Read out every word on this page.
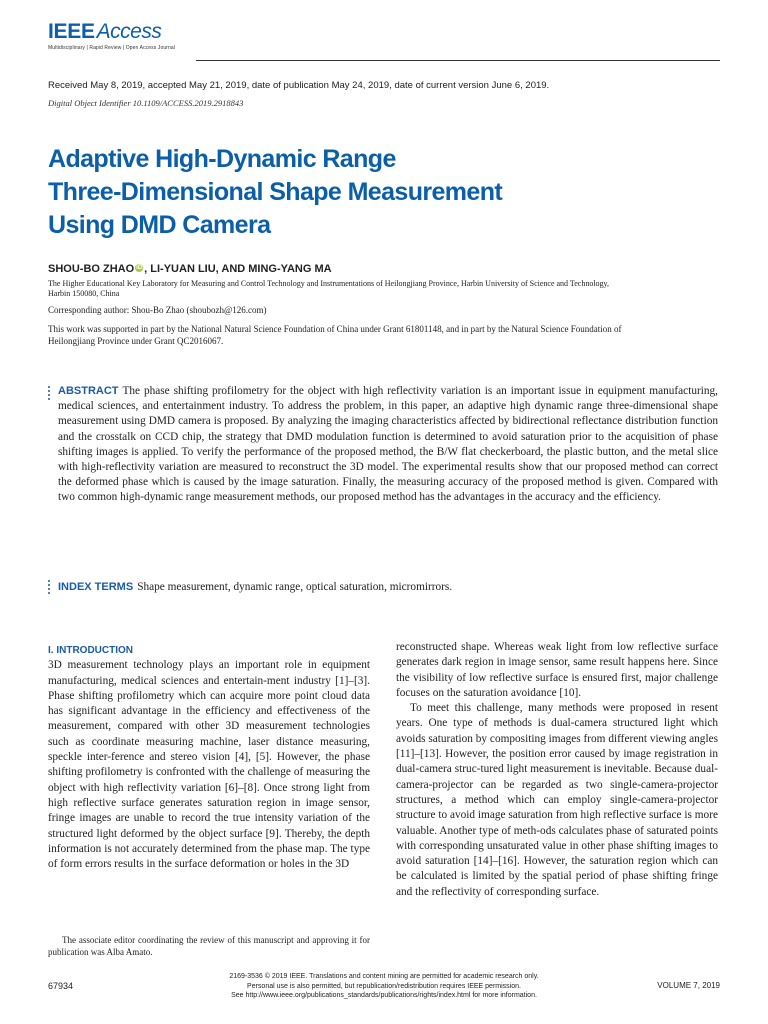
IEEEAccess
Multidisciplinary | Rapid Review | Open Access Journal
Received May 8, 2019, accepted May 21, 2019, date of publication May 24, 2019, date of current version June 6, 2019.
Digital Object Identifier 10.1109/ACCESS.2019.2918843
Adaptive High-Dynamic Range
Three-Dimensional Shape Measurement
Using DMD Camera
SHOU-BO ZHAO iD , LI-YUAN LIU, AND MING-YANG MA
The Higher Educational Key Laboratory for Measuring and Control Technology and Instrumentations of Heilongjiang Province, Harbin University of Science and Technology, Harbin 150080, China
Corresponding author: Shou-Bo Zhao (shoubozh@126.com)
This work was supported in part by the National Natural Science Foundation of China under Grant 61801148, and in part by the Natural Science Foundation of Heilongjiang Province under Grant QC2016067.
ABSTRACT The phase shifting profilometry for the object with high reflectivity variation is an important issue in equipment manufacturing, medical sciences, and entertainment industry. To address the problem, in this paper, an adaptive high dynamic range three-dimensional shape measurement using DMD camera is proposed. By analyzing the imaging characteristics affected by bidirectional reflectance distribution function and the crosstalk on CCD chip, the strategy that DMD modulation function is determined to avoid saturation prior to the acquisition of phase shifting images is applied. To verify the performance of the proposed method, the B/W flat checkerboard, the plastic button, and the metal slice with high-reflectivity variation are measured to reconstruct the 3D model. The experimental results show that our proposed method can correct the deformed phase which is caused by the image saturation. Finally, the measuring accuracy of the proposed method is given. Compared with two common high-dynamic range measurement methods, our proposed method has the advantages in the accuracy and the efficiency.
INDEX TERMS Shape measurement, dynamic range, optical saturation, micromirrors.
I. INTRODUCTION

3D measurement technology plays an important role in equipment manufacturing, medical sciences and entertain-ment industry [1]–[3]. Phase shifting profilometry which can acquire more point cloud data has significant advantage in the efficiency and effectiveness of the measurement, compared with other 3D measurement technologies such as coordinate measuring machine, laser distance measuring, speckle inter-ference and stereo vision [4], [5]. However, the phase shifting profilometry is confronted with the challenge of measuring the object with high reflectivity variation [6]–[8]. Once strong light from high reflective surface generates saturation region in image sensor, fringe images are unable to record the true intensity variation of the structured light deformed by the object surface [9]. Thereby, the depth information is not accurately determined from the phase map. The type of form errors results in the surface deformation or holes in the 3D

reconstructed shape. Whereas weak light from low reflective surface generates dark region in image sensor, same result happens here. Since the visibility of low reflective surface is ensured first, major challenge focuses on the saturation avoidance [10].

To meet this challenge, many methods were proposed in resent years. One type of methods is dual-camera structured light which avoids saturation by compositing images from different viewing angles [11]–[13]. However, the position error caused by image registration in dual-camera struc-tured light measurement is inevitable. Because dual-camera-projector can be regarded as two single-camera-projector structures, a method which can employ single-camera-projector structure to avoid image saturation from high reflective surface is more valuable. Another type of meth-ods calculates phase of saturated points with corresponding unsaturated value in other phase shifting images to avoid saturation [14]–[16]. However, the saturation region which can be calculated is limited by the spatial period of phase shifting fringe and the reflectivity of corresponding surface.

The associate editor coordinating the review of this manuscript and approving it for publication was Alba Amato.
67934
2169-3536 © 2019 IEEE. Translations and content mining are permitted for academic research only.
Personal use is also permitted, but republication/redistribution requires IEEE permission.
See http://www.ieee.org/publications_standards/publications/rights/index.html for more information.
VOLUME 7, 2019
